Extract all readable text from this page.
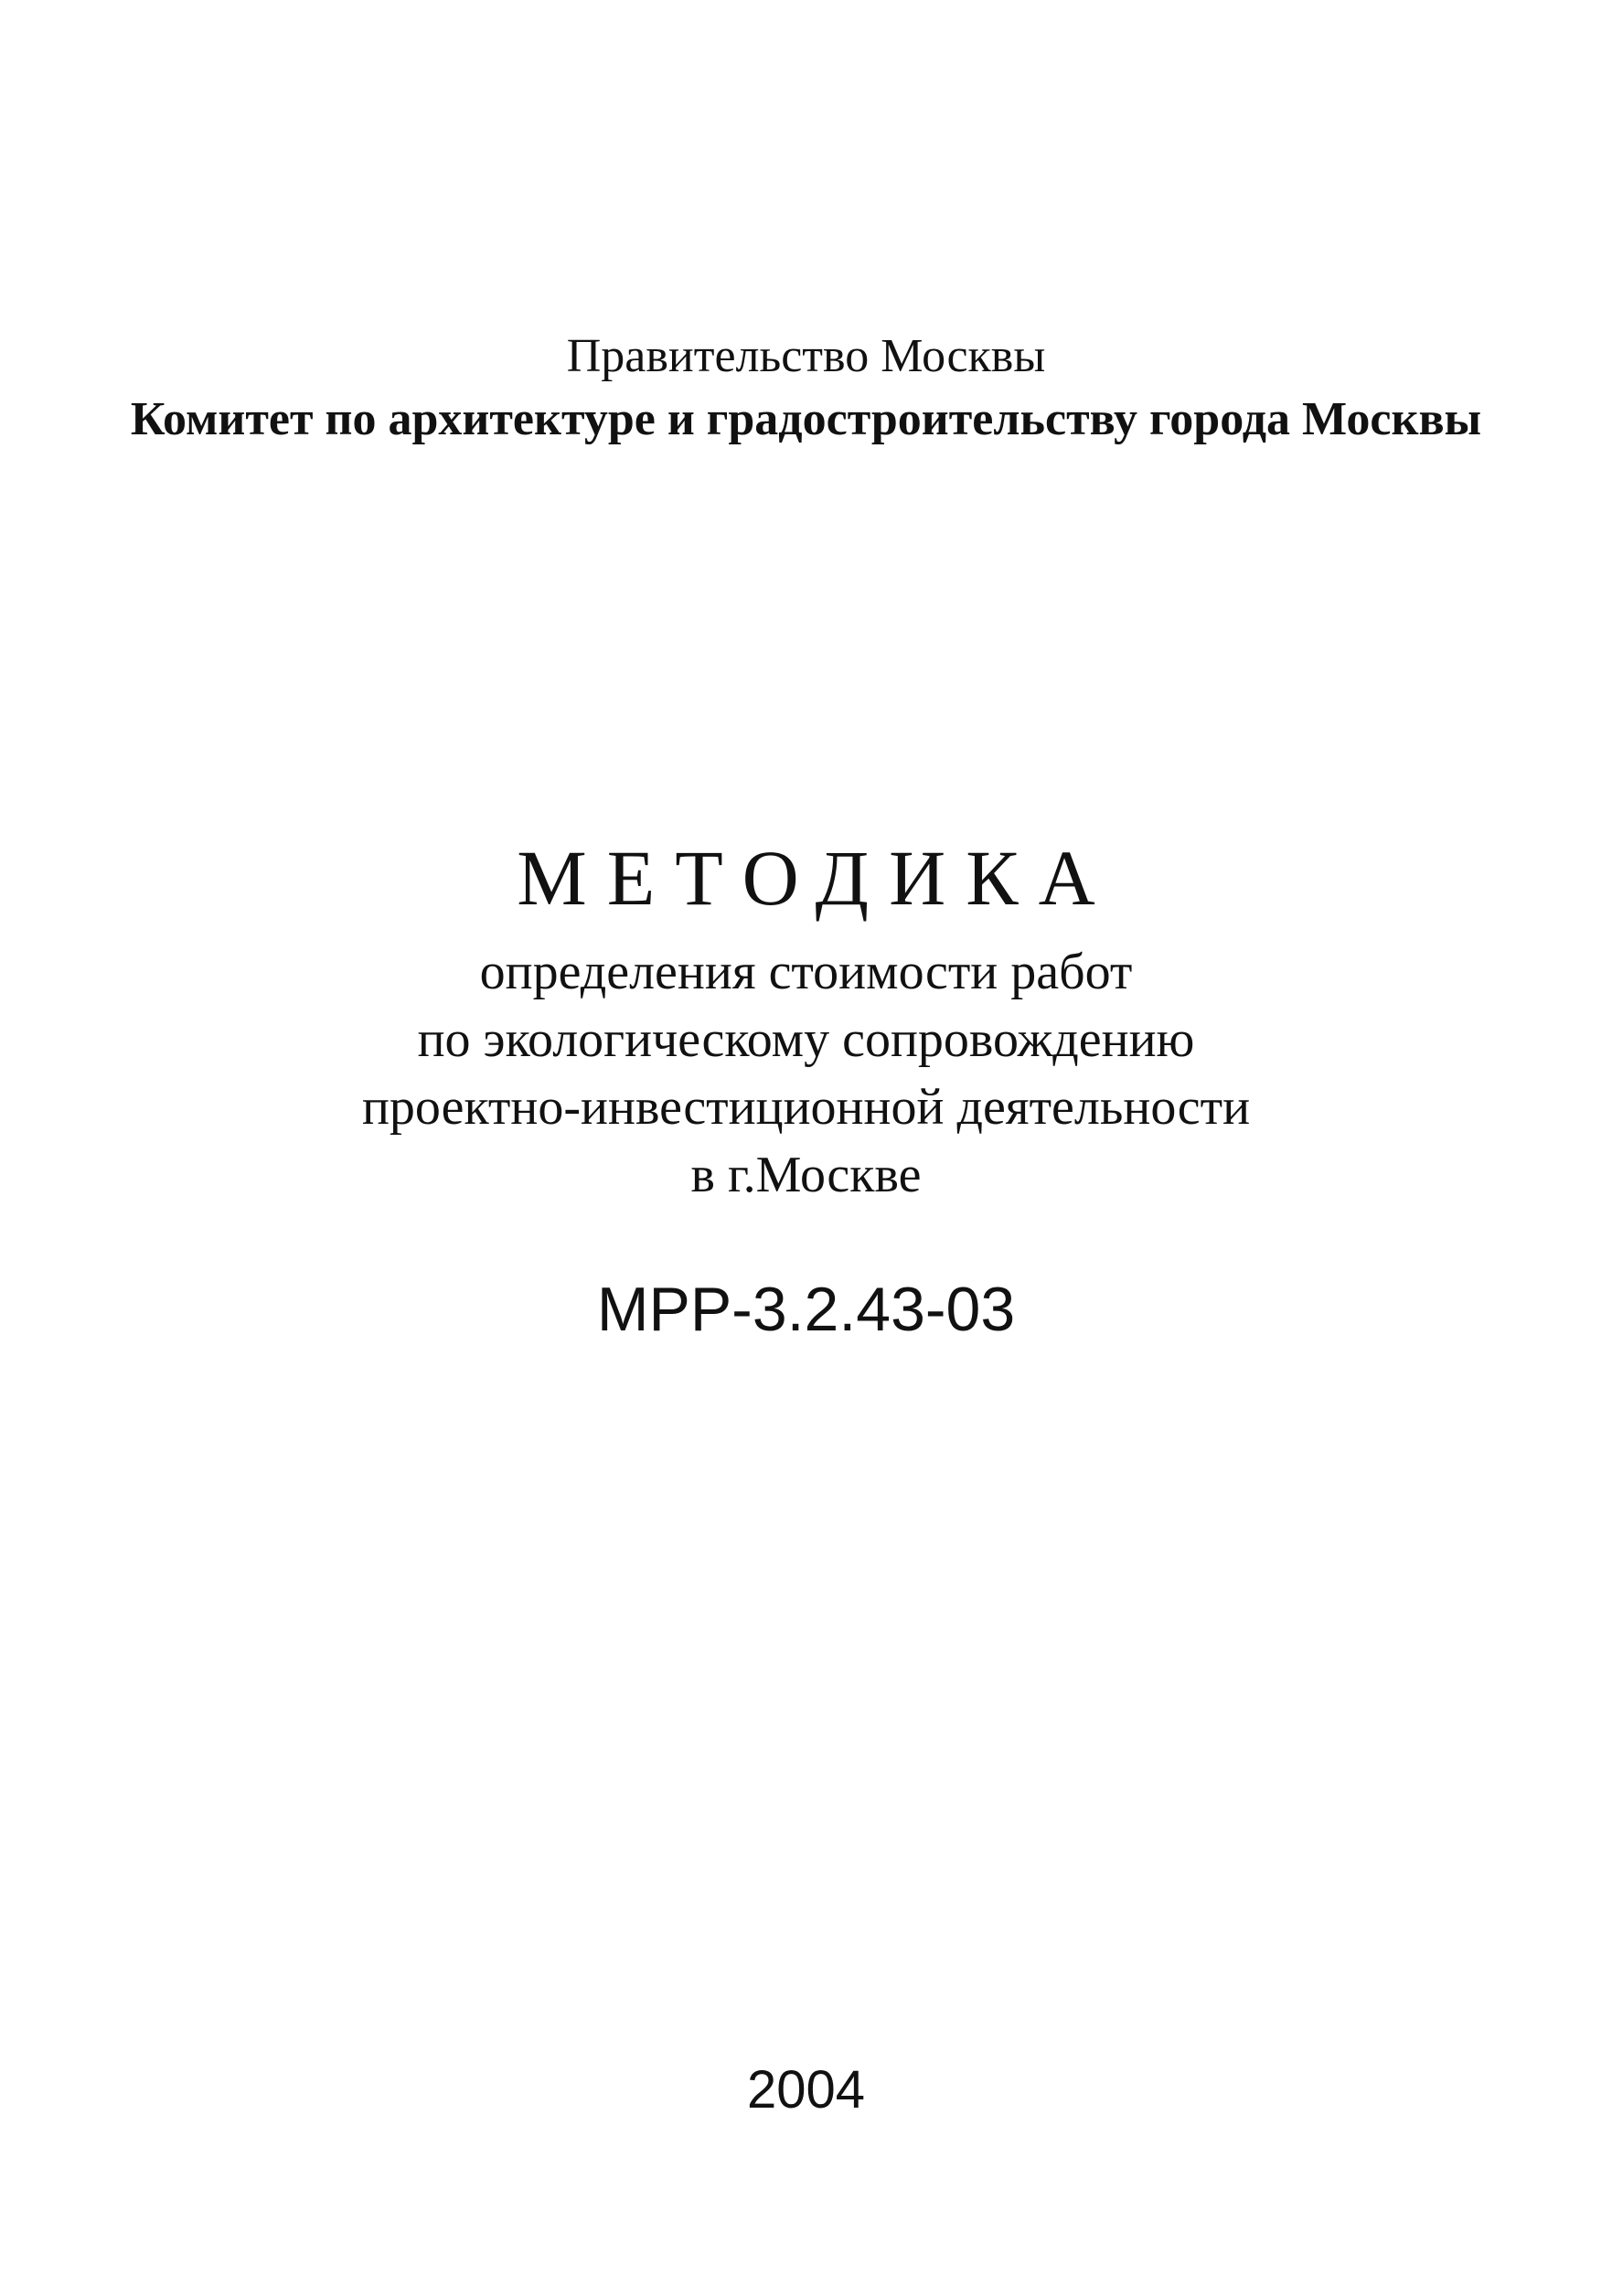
Правительство Москвы
Комитет по архитектуре и градостроительству города Москвы
МЕТОДИКА
определения стоимости работ
по экологическому сопровождению
проектно-инвестиционной деятельности
в г.Москве
МРР-3.2.43-03
2004
